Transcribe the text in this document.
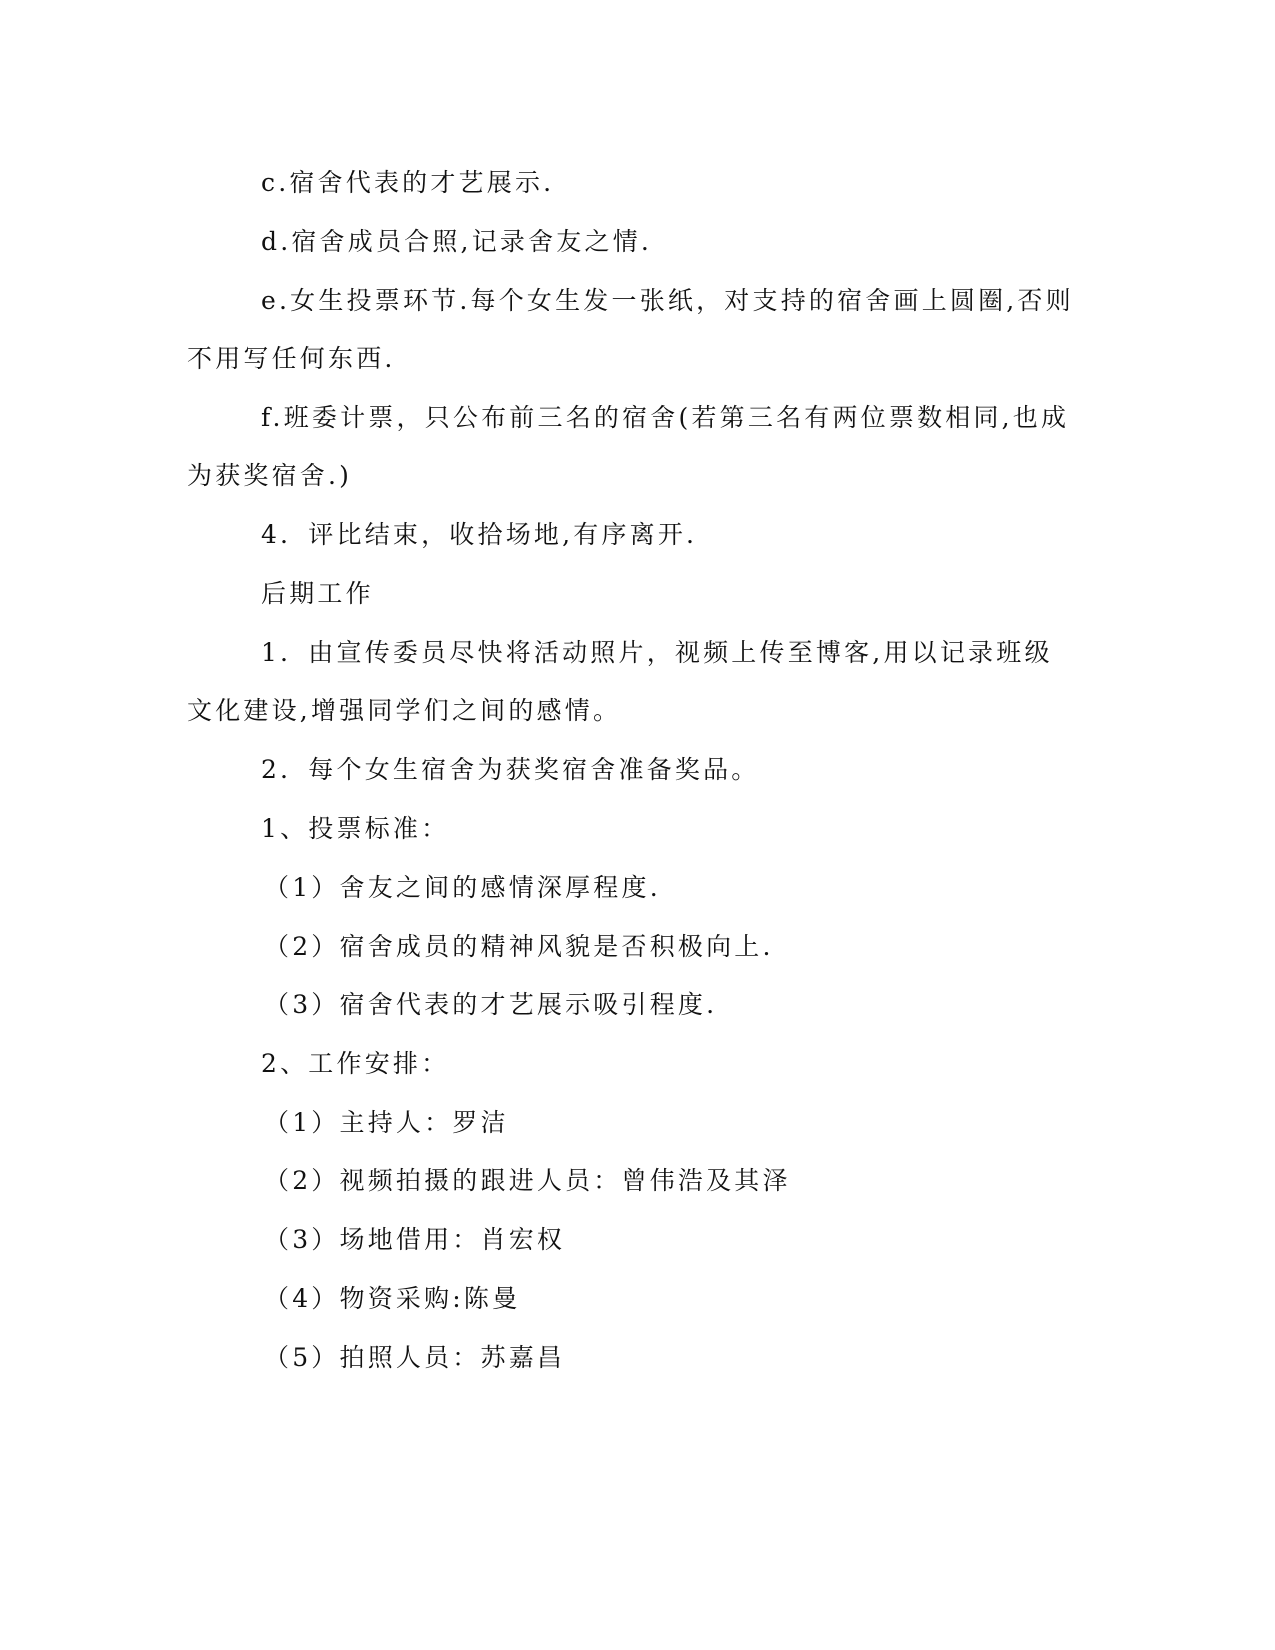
c.宿舍代表的才艺展示.
d.宿舍成员合照,记录舍友之情.
e.女生投票环节.每个女生发一张纸，对支持的宿舍画上圆圈,否则
不用写任何东西.
f.班委计票，只公布前三名的宿舍(若第三名有两位票数相同,也成
为获奖宿舍.)
4．评比结束，收拾场地,有序离开.
后期工作
1．由宣传委员尽快将活动照片，视频上传至博客,用以记录班级
文化建设,增强同学们之间的感情。
2．每个女生宿舍为获奖宿舍准备奖品。
1、投票标准：
（1）舍友之间的感情深厚程度.
（2）宿舍成员的精神风貌是否积极向上.
（3）宿舍代表的才艺展示吸引程度.
2、工作安排：
（1）主持人：罗洁
（2）视频拍摄的跟进人员：曾伟浩及其泽
（3）场地借用：肖宏权
（4）物资采购:陈曼
（5）拍照人员：苏嘉昌
